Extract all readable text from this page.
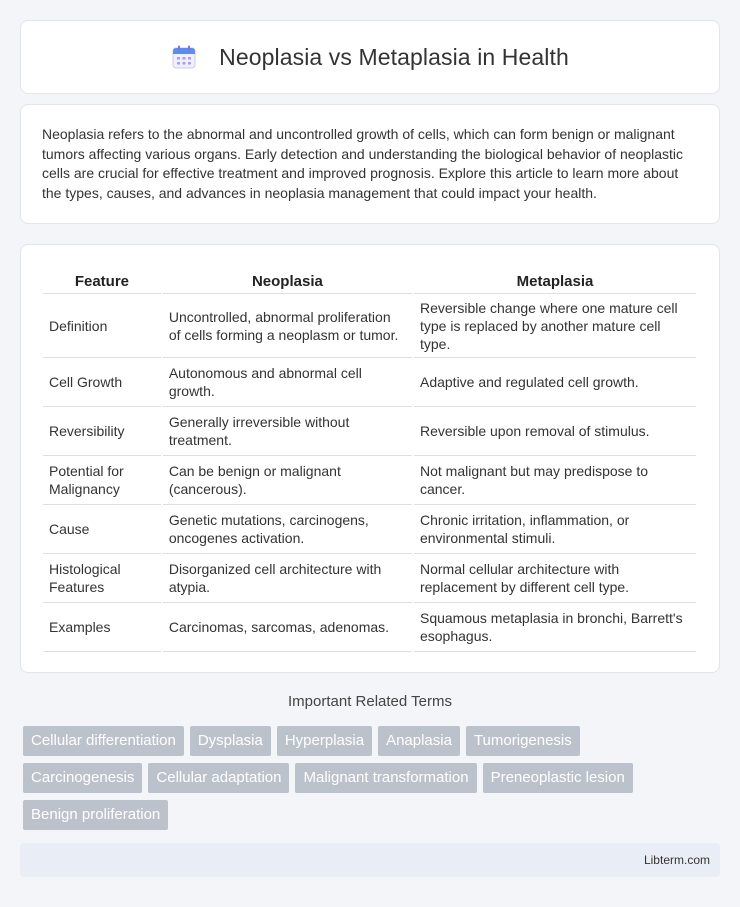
Neoplasia vs Metaplasia in Health

Neoplasia refers to the abnormal and uncontrolled growth of cells, which can form benign or malignant tumors affecting various organs. Early detection and understanding the biological behavior of neoplastic cells are crucial for effective treatment and improved prognosis. Explore this article to learn more about the types, causes, and advances in neoplasia management that could impact your health.

Feature	Neoplasia	Metaplasia
Definition	Uncontrolled, abnormal proliferation of cells forming a neoplasm or tumor.	Reversible change where one mature cell type is replaced by another mature cell type.
Cell Growth	Autonomous and abnormal cell growth.	Adaptive and regulated cell growth.
Reversibility	Generally irreversible without treatment.	Reversible upon removal of stimulus.
Potential for Malignancy	Can be benign or malignant (cancerous).	Not malignant but may predispose to cancer.
Cause	Genetic mutations, carcinogens, oncogenes activation.	Chronic irritation, inflammation, or environmental stimuli.
Histological Features	Disorganized cell architecture with atypia.	Normal cellular architecture with replacement by different cell type.
Examples	Carcinomas, sarcomas, adenomas.	Squamous metaplasia in bronchi, Barrett's esophagus.
Important Related Terms
Cellular differentiation	Dysplasia	Hyperplasia	Anaplasia	Tumorigenesis
Carcinogenesis	Cellular adaptation	Malignant transformation	Preneoplastic lesion
Benign proliferation
Libterm.com
